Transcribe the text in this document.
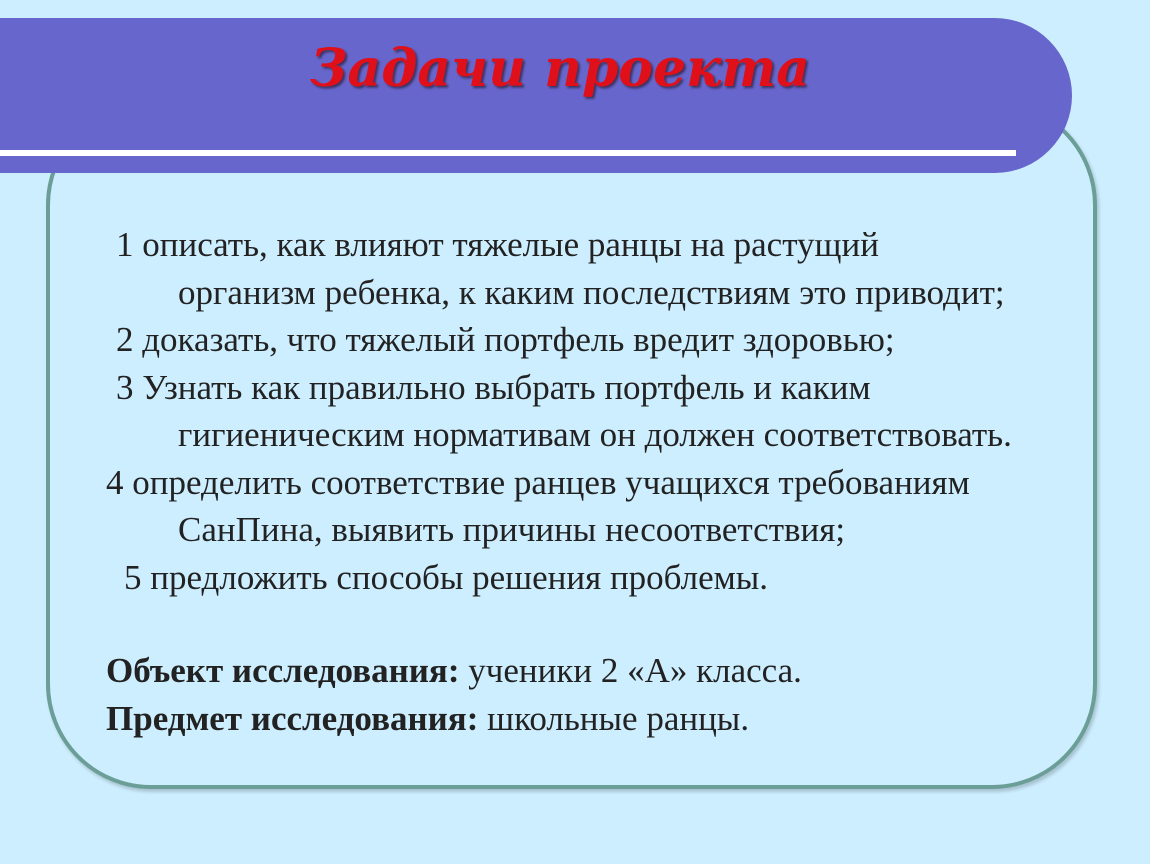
Задачи проекта
1 описать, как влияют тяжелые ранцы на растущий
организм ребенка, к каким последствиям это приводит;
2 доказать, что тяжелый портфель вредит здоровью;
3 Узнать как правильно выбрать портфель и каким
гигиеническим нормативам он должен соответствовать.
4 определить соответствие ранцев учащихся требованиям
СанПина, выявить причины несоответствия;
5 предложить способы решения проблемы.
Объект исследования: ученики 2 «А» класса.
Предмет исследования: школьные ранцы.
